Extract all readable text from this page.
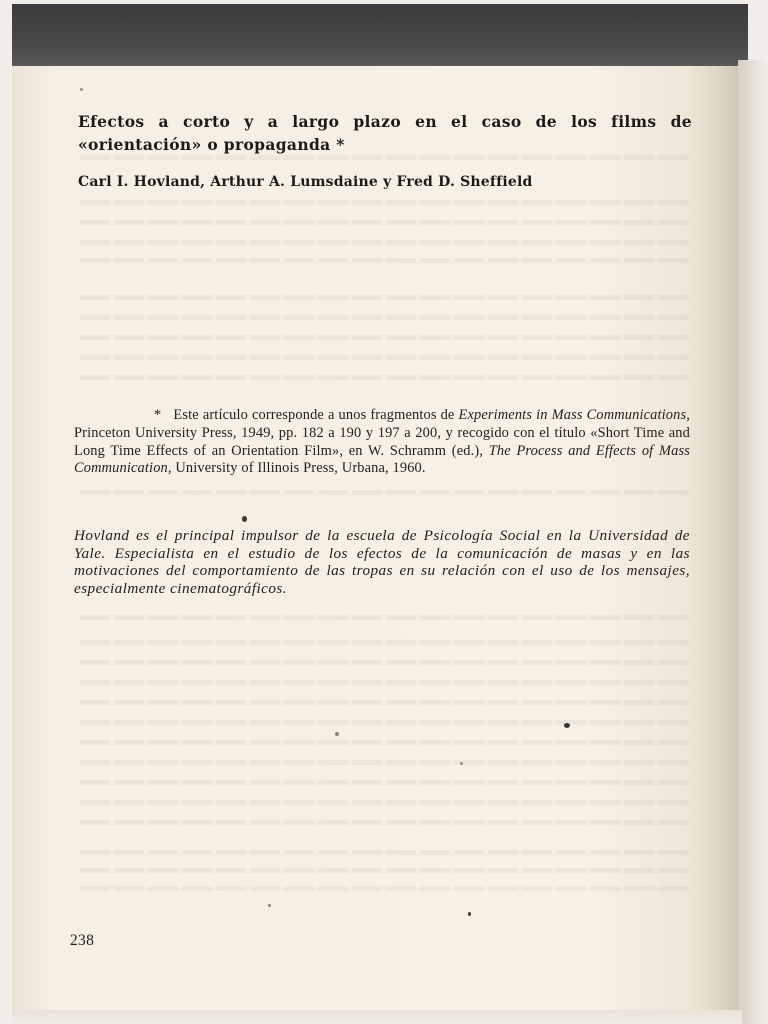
Efectos a corto y a largo plazo en el caso de los films de «orientación» o propaganda *

Carl I. Hovland, Arthur A. Lumsdaine y Fred D. Sheffield

* Este artículo corresponde a unos fragmentos de Experiments in Mass Communications, Princeton University Press, 1949, pp. 182 a 190 y 197 a 200, y recogido con el título «Short Time and Long Time Effects of an Orientation Film», en W. Schramm (ed.), The Process and Effects of Mass Communication, University of Illinois Press, Urbana, 1960.

Hovland es el principal impulsor de la escuela de Psicología Social en la Universidad de Yale. Especialista en el estudio de los efectos de la comunicación de masas y en las motivaciones del comportamiento de las tropas en su relación con el uso de los mensajes, especialmente cinematográficos.

238
